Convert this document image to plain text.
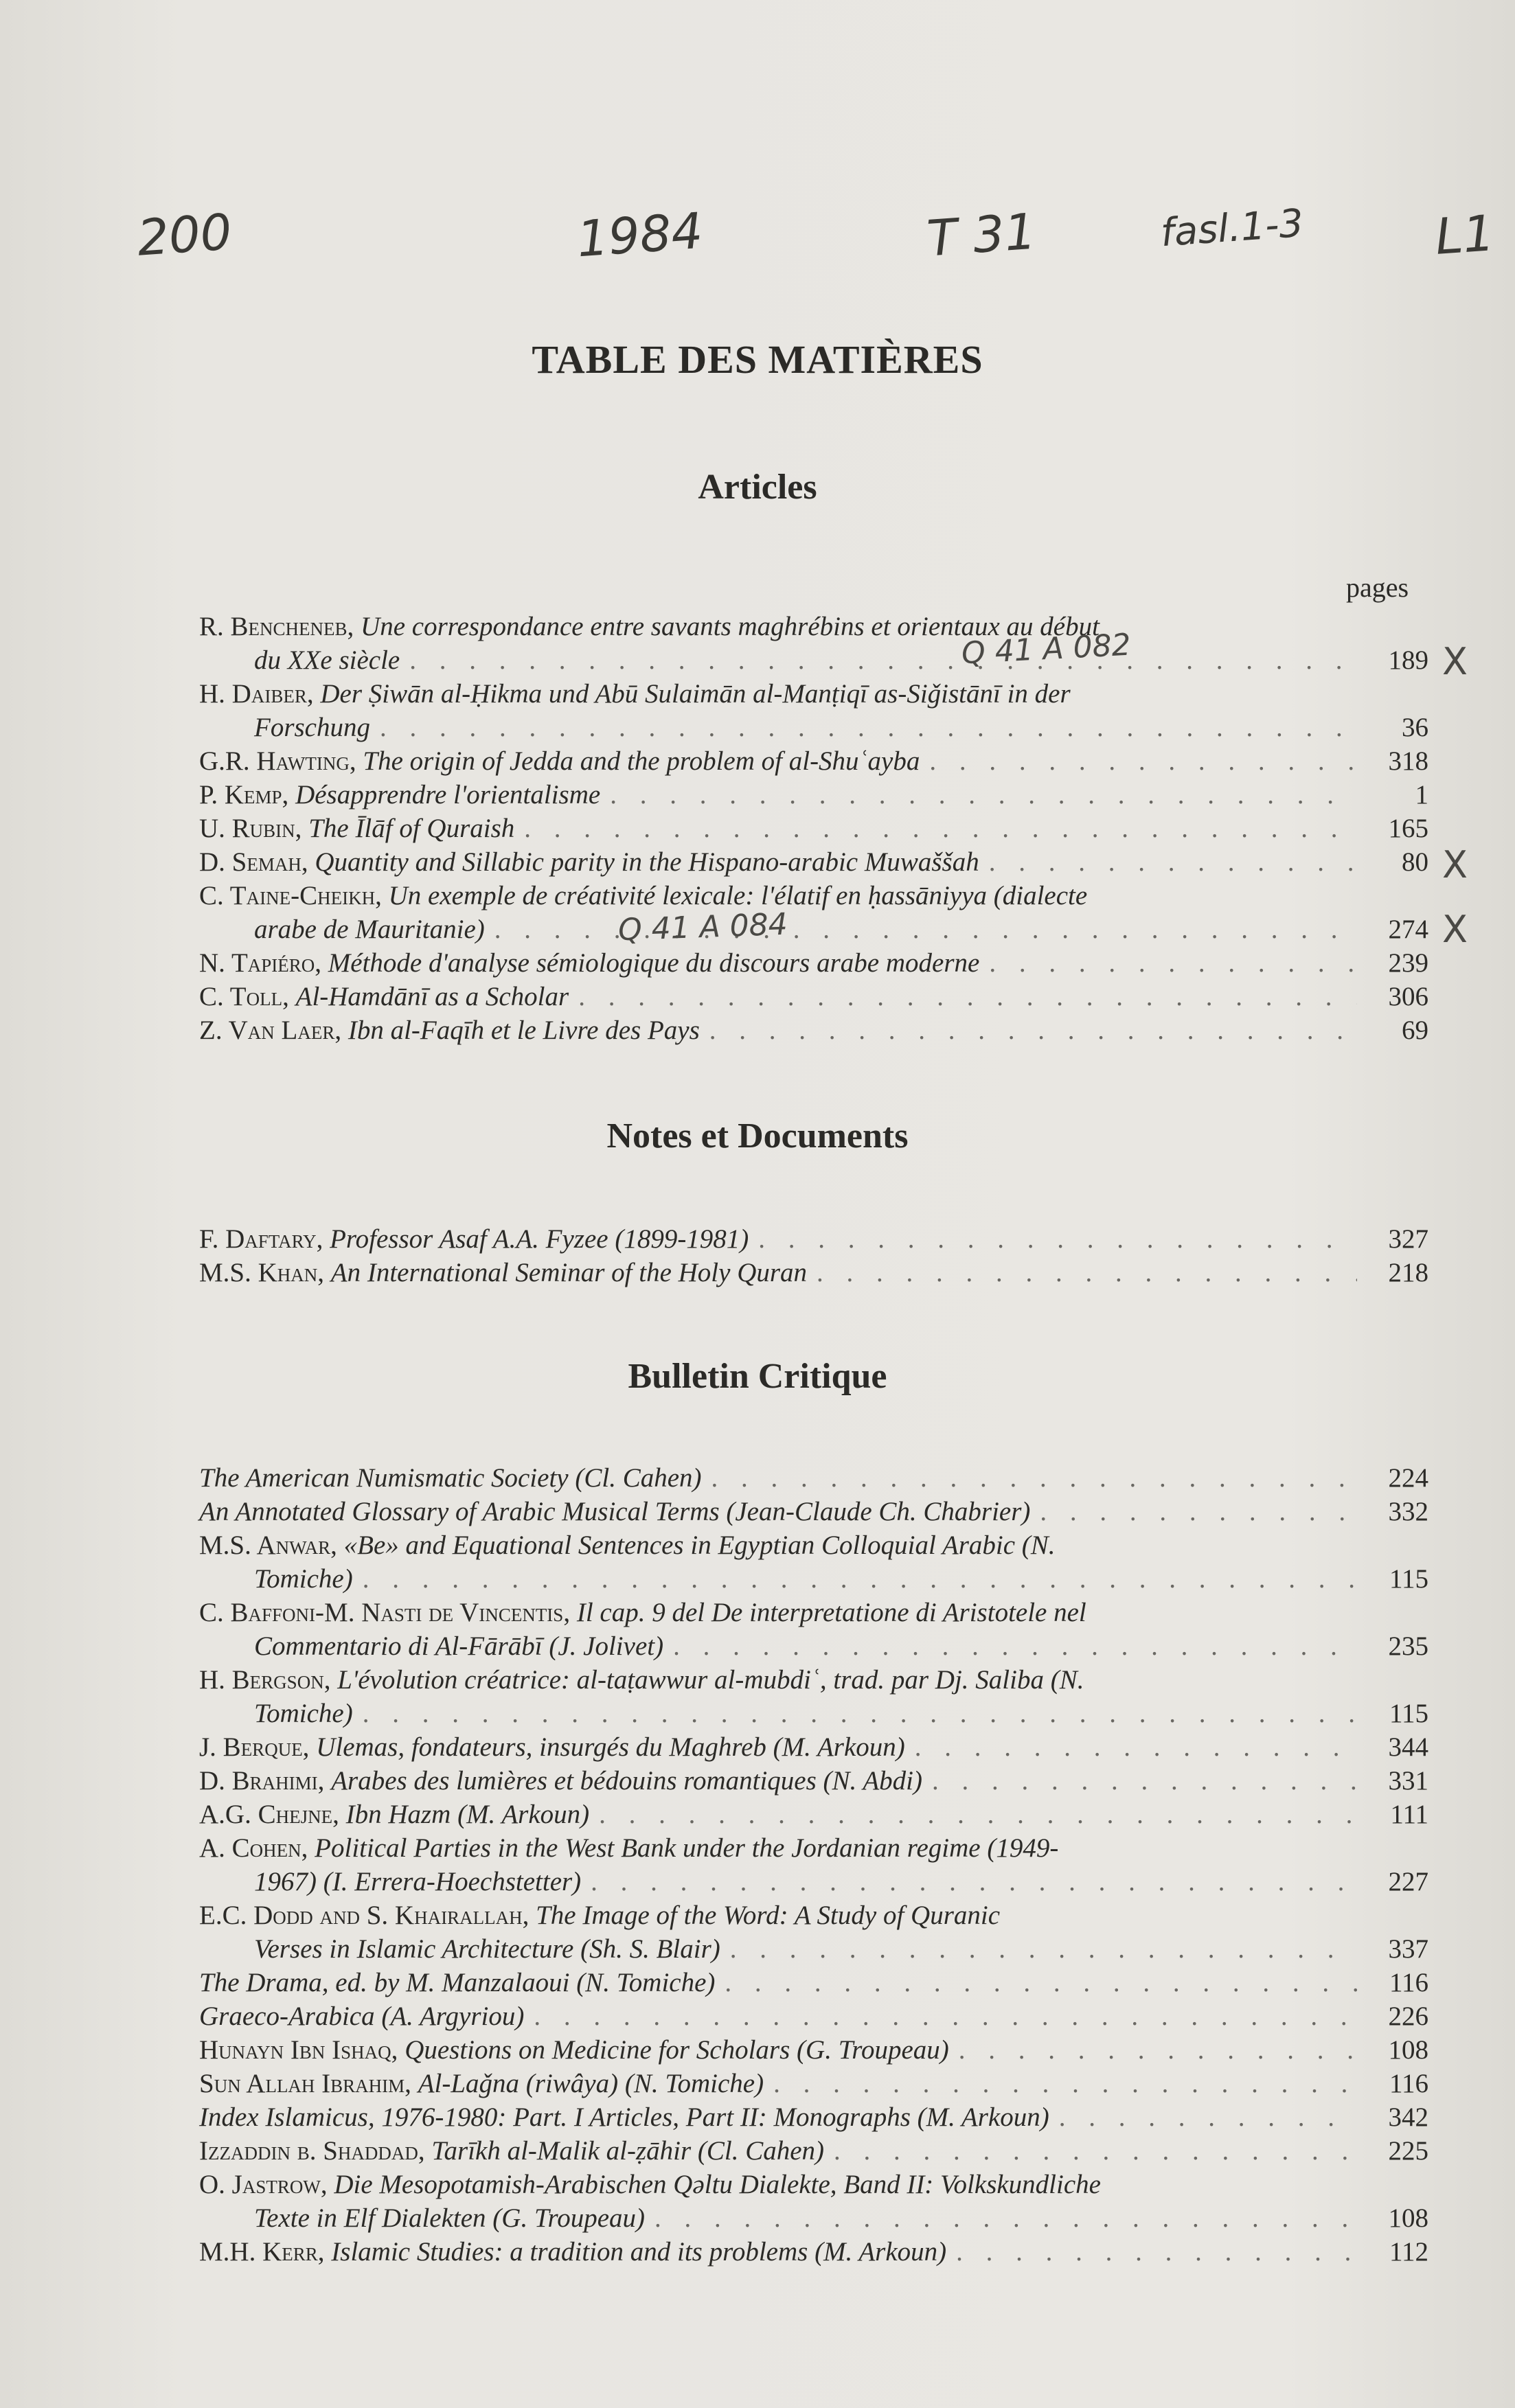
200	1984	T 31	fasl.1-3	L1
TABLE DES MATIÈRES
Articles
pages
R. Bencheneb, Une correspondance entre savants maghrébins et orientaux au début
du XXe siècle . . .	189
H. Daiber, Der Ṣiwān al-Ḥikma und Abū Sulaimān al-Manṭiqī as-Siǧistānī in der
Forschung . . .	36
G.R. Hawting, The origin of Jedda and the problem of al-Shuʿayba . . .	318
P. Kemp, Désapprendre l'orientalisme . . .	1
U. Rubin, The Īlāf of Quraish . . .	165
D. Semah, Quantity and Sillabic parity in the Hispano-arabic Muwaššah . . .	80
C. Taine-Cheikh, Un exemple de créativité lexicale: l'élatif en ḥassāniyya (dialecte
arabe de Mauritanie) . . .	274
N. Tapiéro, Méthode d'analyse sémiologique du discours arabe moderne . . .	239
C. Toll, Al-Hamdānī as a Scholar . . .	306
Z. Van Laer, Ibn al-Faqīh et le Livre des Pays . . .	69
Notes et Documents
F. Daftary, Professor Asaf A.A. Fyzee (1899-1981) . . .	327
M.S. Khan, An International Seminar of the Holy Quran . . .	218
Bulletin Critique
The American Numismatic Society (Cl. Cahen) . . .	224
An Annotated Glossary of Arabic Musical Terms (Jean-Claude Ch. Chabrier) . . .	332
M.S. Anwar, «Be» and Equational Sentences in Egyptian Colloquial Arabic (N.
Tomiche) . . .	115
C. Baffoni-M. Nasti de Vincentis, Il cap. 9 del De interpretatione di Aristotele nel
Commentario di Al-Fārābī (J. Jolivet) . . .	235
H. Bergson, L'évolution créatrice: al-taṭawwur al-mubdiʿ, trad. par Dj. Saliba (N.
Tomiche) . . .	115
J. Berque, Ulemas, fondateurs, insurgés du Maghreb (M. Arkoun) . . .	344
D. Brahimi, Arabes des lumières et bédouins romantiques (N. Abdi) . . .	331
A.G. Chejne, Ibn Hazm (M. Arkoun) . . .	111
A. Cohen, Political Parties in the West Bank under the Jordanian regime (1949-
1967) (I. Errera-Hoechstetter) . . .	227
E.C. Dodd and S. Khairallah, The Image of the Word: A Study of Quranic
Verses in Islamic Architecture (Sh. S. Blair) . . .	337
The Drama, ed. by M. Manzalaoui (N. Tomiche) . . .	116
Graeco-Arabica (A. Argyriou) . . .	226
Hunayn Ibn Ishaq, Questions on Medicine for Scholars (G. Troupeau) . . .	108
Sun Allah Ibrahim, Al-Laǧna (riwâya) (N. Tomiche) . . .	116
Index Islamicus, 1976-1980: Part. I Articles, Part II: Monographs (M. Arkoun) . . .	342
Izzaddin b. Shaddad, Tarīkh al-Malik al-ẓāhir (Cl. Cahen) . . .	225
O. Jastrow, Die Mesopotamish-Arabischen Qəltu Dialekte, Band II: Volkskundliche
Texte in Elf Dialekten (G. Troupeau) . . .	108
M.H. Kerr, Islamic Studies: a tradition and its problems (M. Arkoun) . . .	112
Q 41 A 082
Q 41 A 084
X
X
X
